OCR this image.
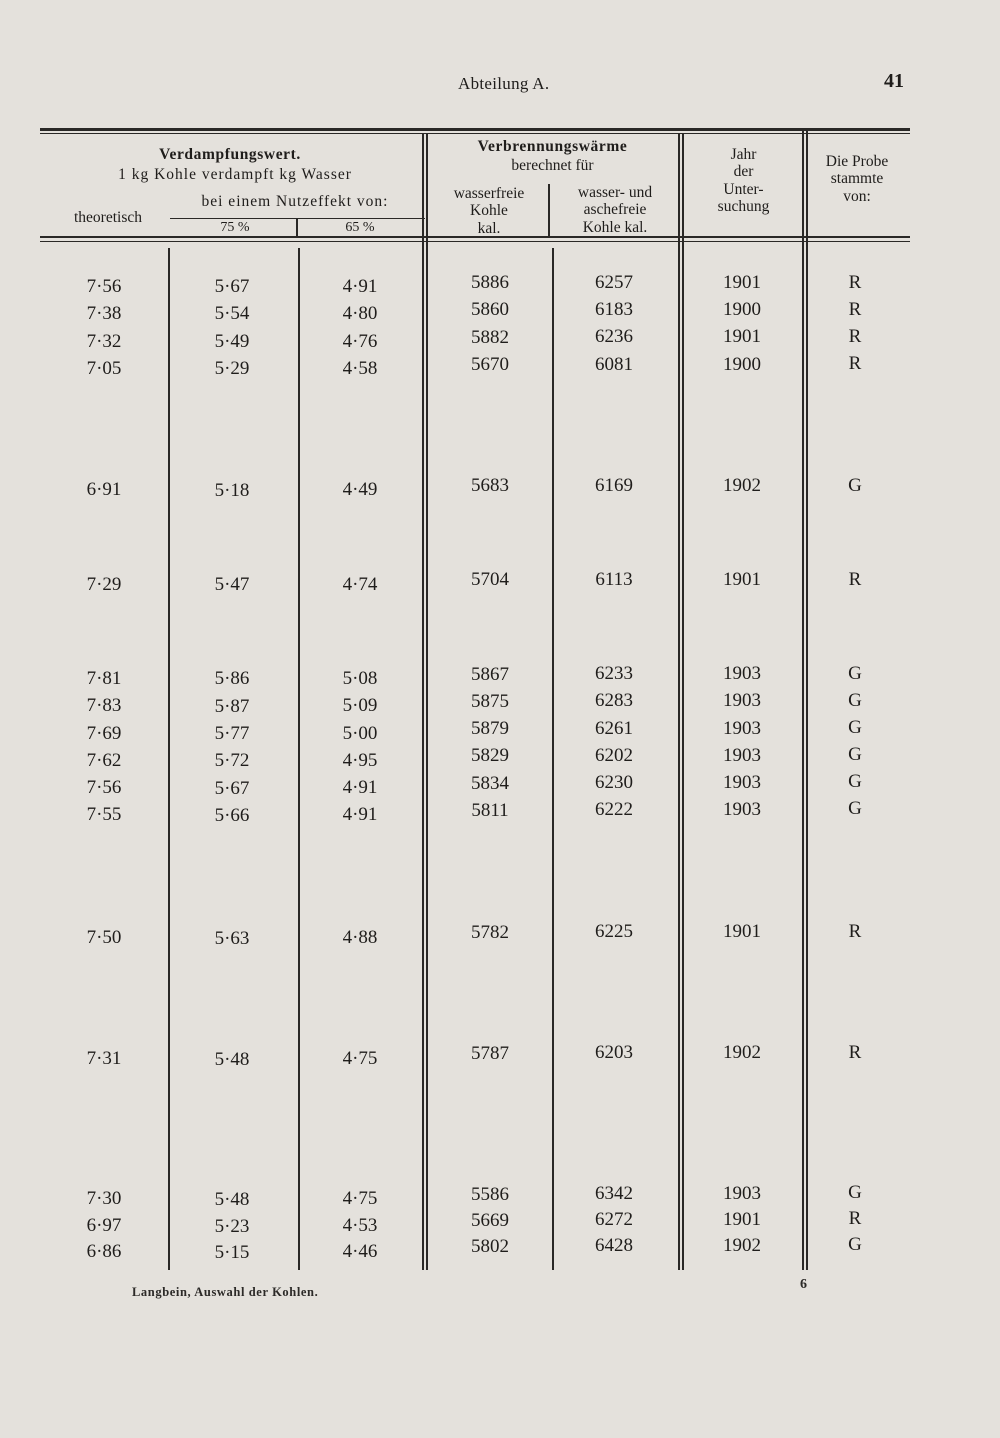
Abteilung A.	41
Verdampfungswert.
1 kg Kohle verdampft kg Wasser
theoretisch
bei einem Nutzeffekt von:
75 %	65 %
Verbrennungswärme
berechnet für
wasserfreie
Kohle
kal.
wasser- und
aschefreie
Kohle kal.
Jahr
der
Unter-
suchung
Die Probe
stammte
von:
7·56	5·67	4·91	5886	6257	1901	R
7·38	5·54	4·80	5860	6183	1900	R
7·32	5·49	4·76	5882	6236	1901	R
7·05	5·29	4·58	5670	6081	1900	R
6·91	5·18	4·49	5683	6169	1902	G
7·29	5·47	4·74	5704	6113	1901	R
7·81	5·86	5·08	5867	6233	1903	G
7·83	5·87	5·09	5875	6283	1903	G
7·69	5·77	5·00	5879	6261	1903	G
7·62	5·72	4·95	5829	6202	1903	G
7·56	5·67	4·91	5834	6230	1903	G
7·55	5·66	4·91	5811	6222	1903	G
7·50	5·63	4·88	5782	6225	1901	R
7·31	5·48	4·75	5787	6203	1902	R
7·30	5·48	4·75	5586	6342	1903	G
6·97	5·23	4·53	5669	6272	1901	R
6·86	5·15	4·46	5802	6428	1902	G
Langbein, Auswahl der Kohlen.	6
